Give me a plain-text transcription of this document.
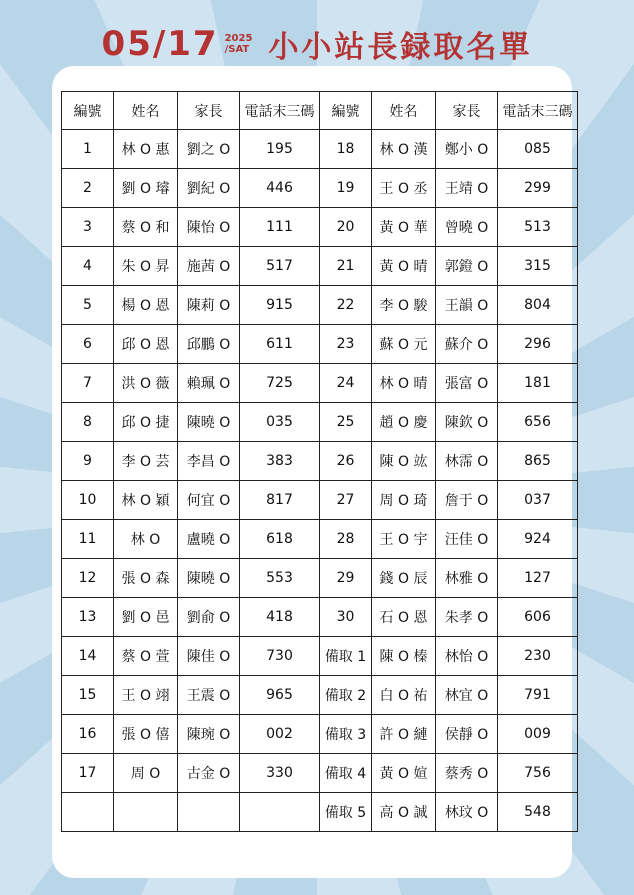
05/17 2025
/SAT 小小站長録取名單
編號	姓名	家長	電話末三碼	編號	姓名	家長	電話末三碼
1	林 O 惠	劉之 O	195	18	林 O 漢	鄭小 O	085
2	劉 O 璿	劉紀 O	446	19	王 O 丞	王靖 O	299
3	蔡 O 和	陳怡 O	111	20	黃 O 華	曾曉 O	513
4	朱 O 昇	施茜 O	517	21	黃 O 晴	郭鐙 O	315
5	楊 O 恩	陳莉 O	915	22	李 O 駿	王韻 O	804
6	邱 O 恩	邱鵬 O	611	23	蘇 O 元	蘇介 O	296
7	洪 O 薇	賴珮 O	725	24	林 O 晴	張富 O	181
8	邱 O 捷	陳曉 O	035	25	趙 O 慶	陳欽 O	656
9	李 O 芸	李昌 O	383	26	陳 O 竑	林霈 O	865
10	林 O 穎	何宜 O	817	27	周 O 琦	詹于 O	037
11	林 O	盧曉 O	618	28	王 O 宇	汪佳 O	924
12	張 O 森	陳曉 O	553	29	錢 O 辰	林雅 O	127
13	劉 O 邑	劉俞 O	418	30	石 O 恩	朱孝 O	606
14	蔡 O 萱	陳佳 O	730	備取 1	陳 O 榛	林怡 O	230
15	王 O 翊	王震 O	965	備取 2	白 O 祐	林宜 O	791
16	張 O 僖	陳琬 O	002	備取 3	許 O 縺	侯靜 O	009
17	周 O	古金 O	330	備取 4	黃 O 媗	蔡秀 O	756
				備取 5	高 O 誠	林玟 O	548
